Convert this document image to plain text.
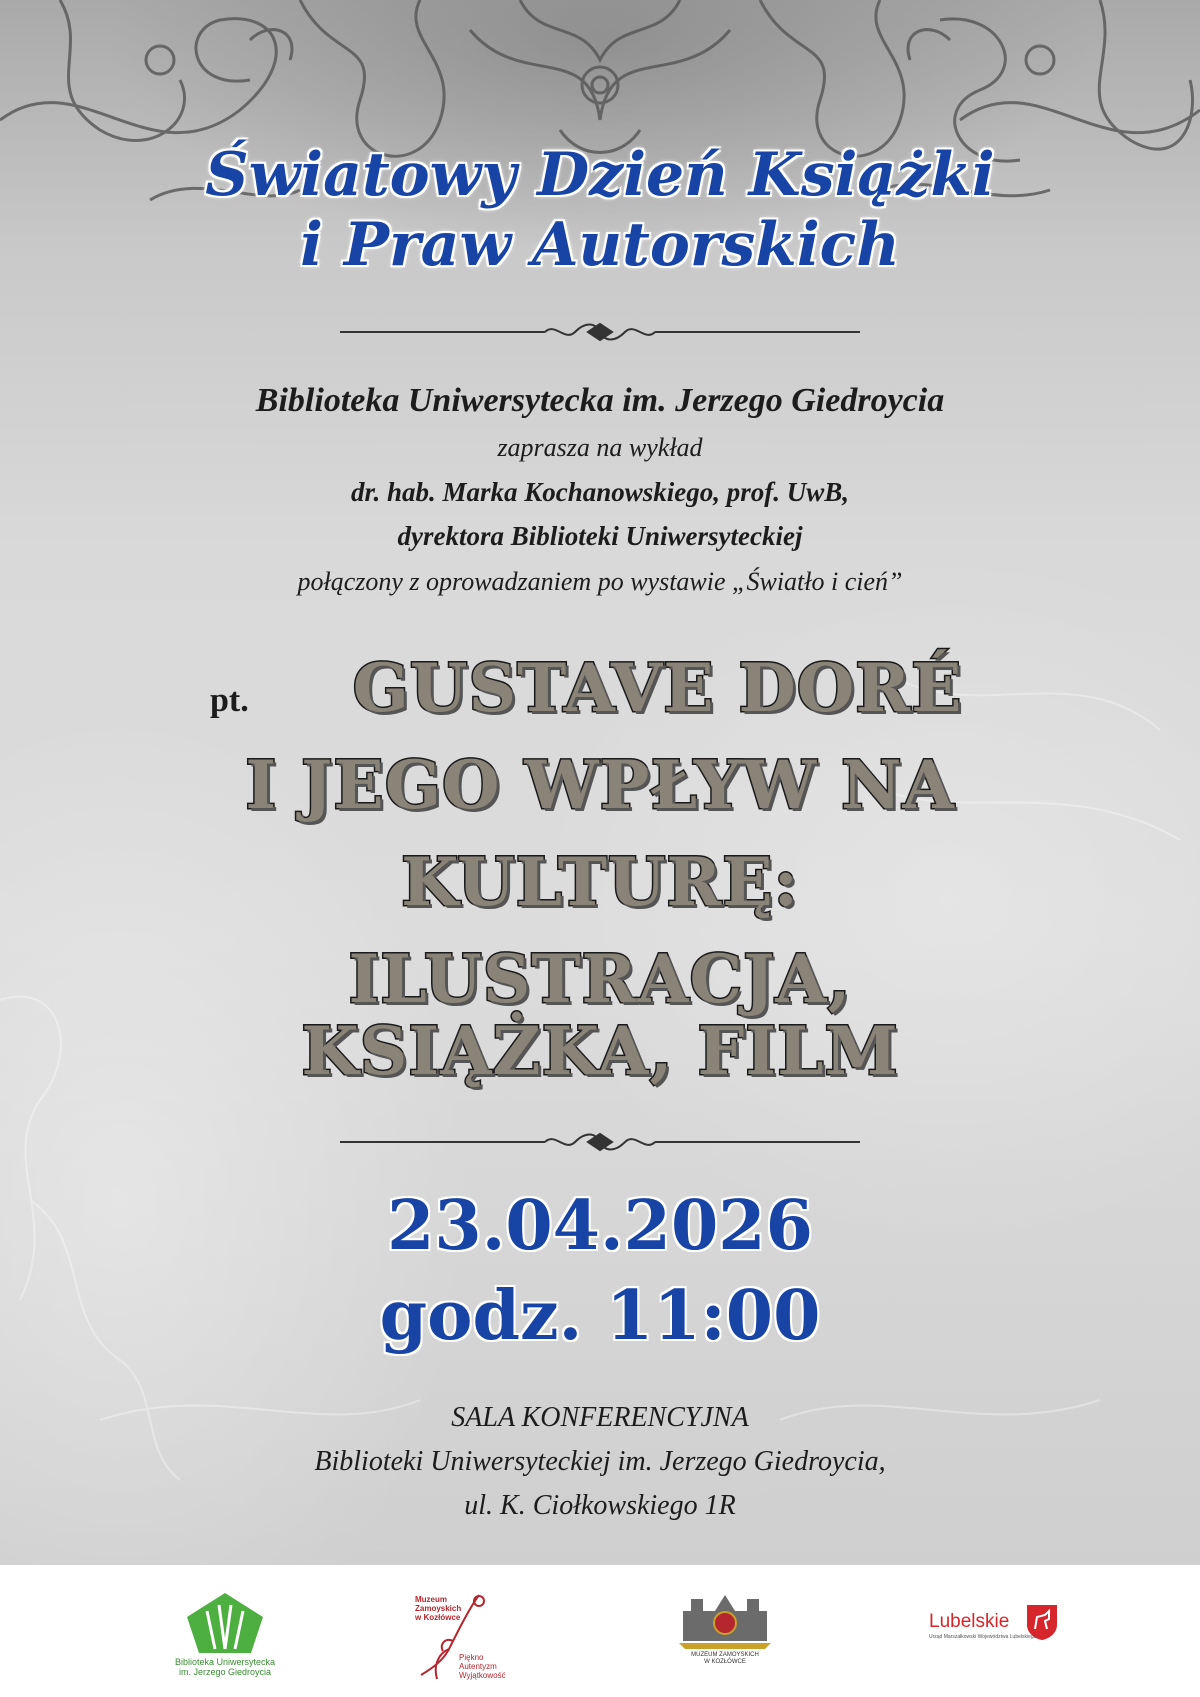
Światowy Dzień Książki
i Praw Autorskich
Biblioteka Uniwersytecka im. Jerzego Giedroycia
zaprasza na wykład
dr. hab. Marka Kochanowskiego, prof. UwB,
dyrektora Biblioteki Uniwersyteckiej
połączony z oprowadzaniem po wystawie „Światło i cień”
pt.	GUSTAVE DORÉ
I JEGO WPŁYW NA
KULTURĘ:
ILUSTRACJA,
KSIĄŻKA, FILM
23.04.2026
godz. 11:00
SALA KONFERENCYJNA
Biblioteki Uniwersyteckiej im. Jerzego Giedroycia,
ul. K. Ciołkowskiego 1R
Biblioteka Uniwersytecka
im. Jerzego Giedroycia
Muzeum
Zamoyskich
w Kozłówce
Piękno
Autentyzm
Wyjątkowość
MUZEUM ZAMOYSKICH
W KOZŁÓWCE
Lubelskie
Urząd Marszałkowski Województwa Lubelskiego
